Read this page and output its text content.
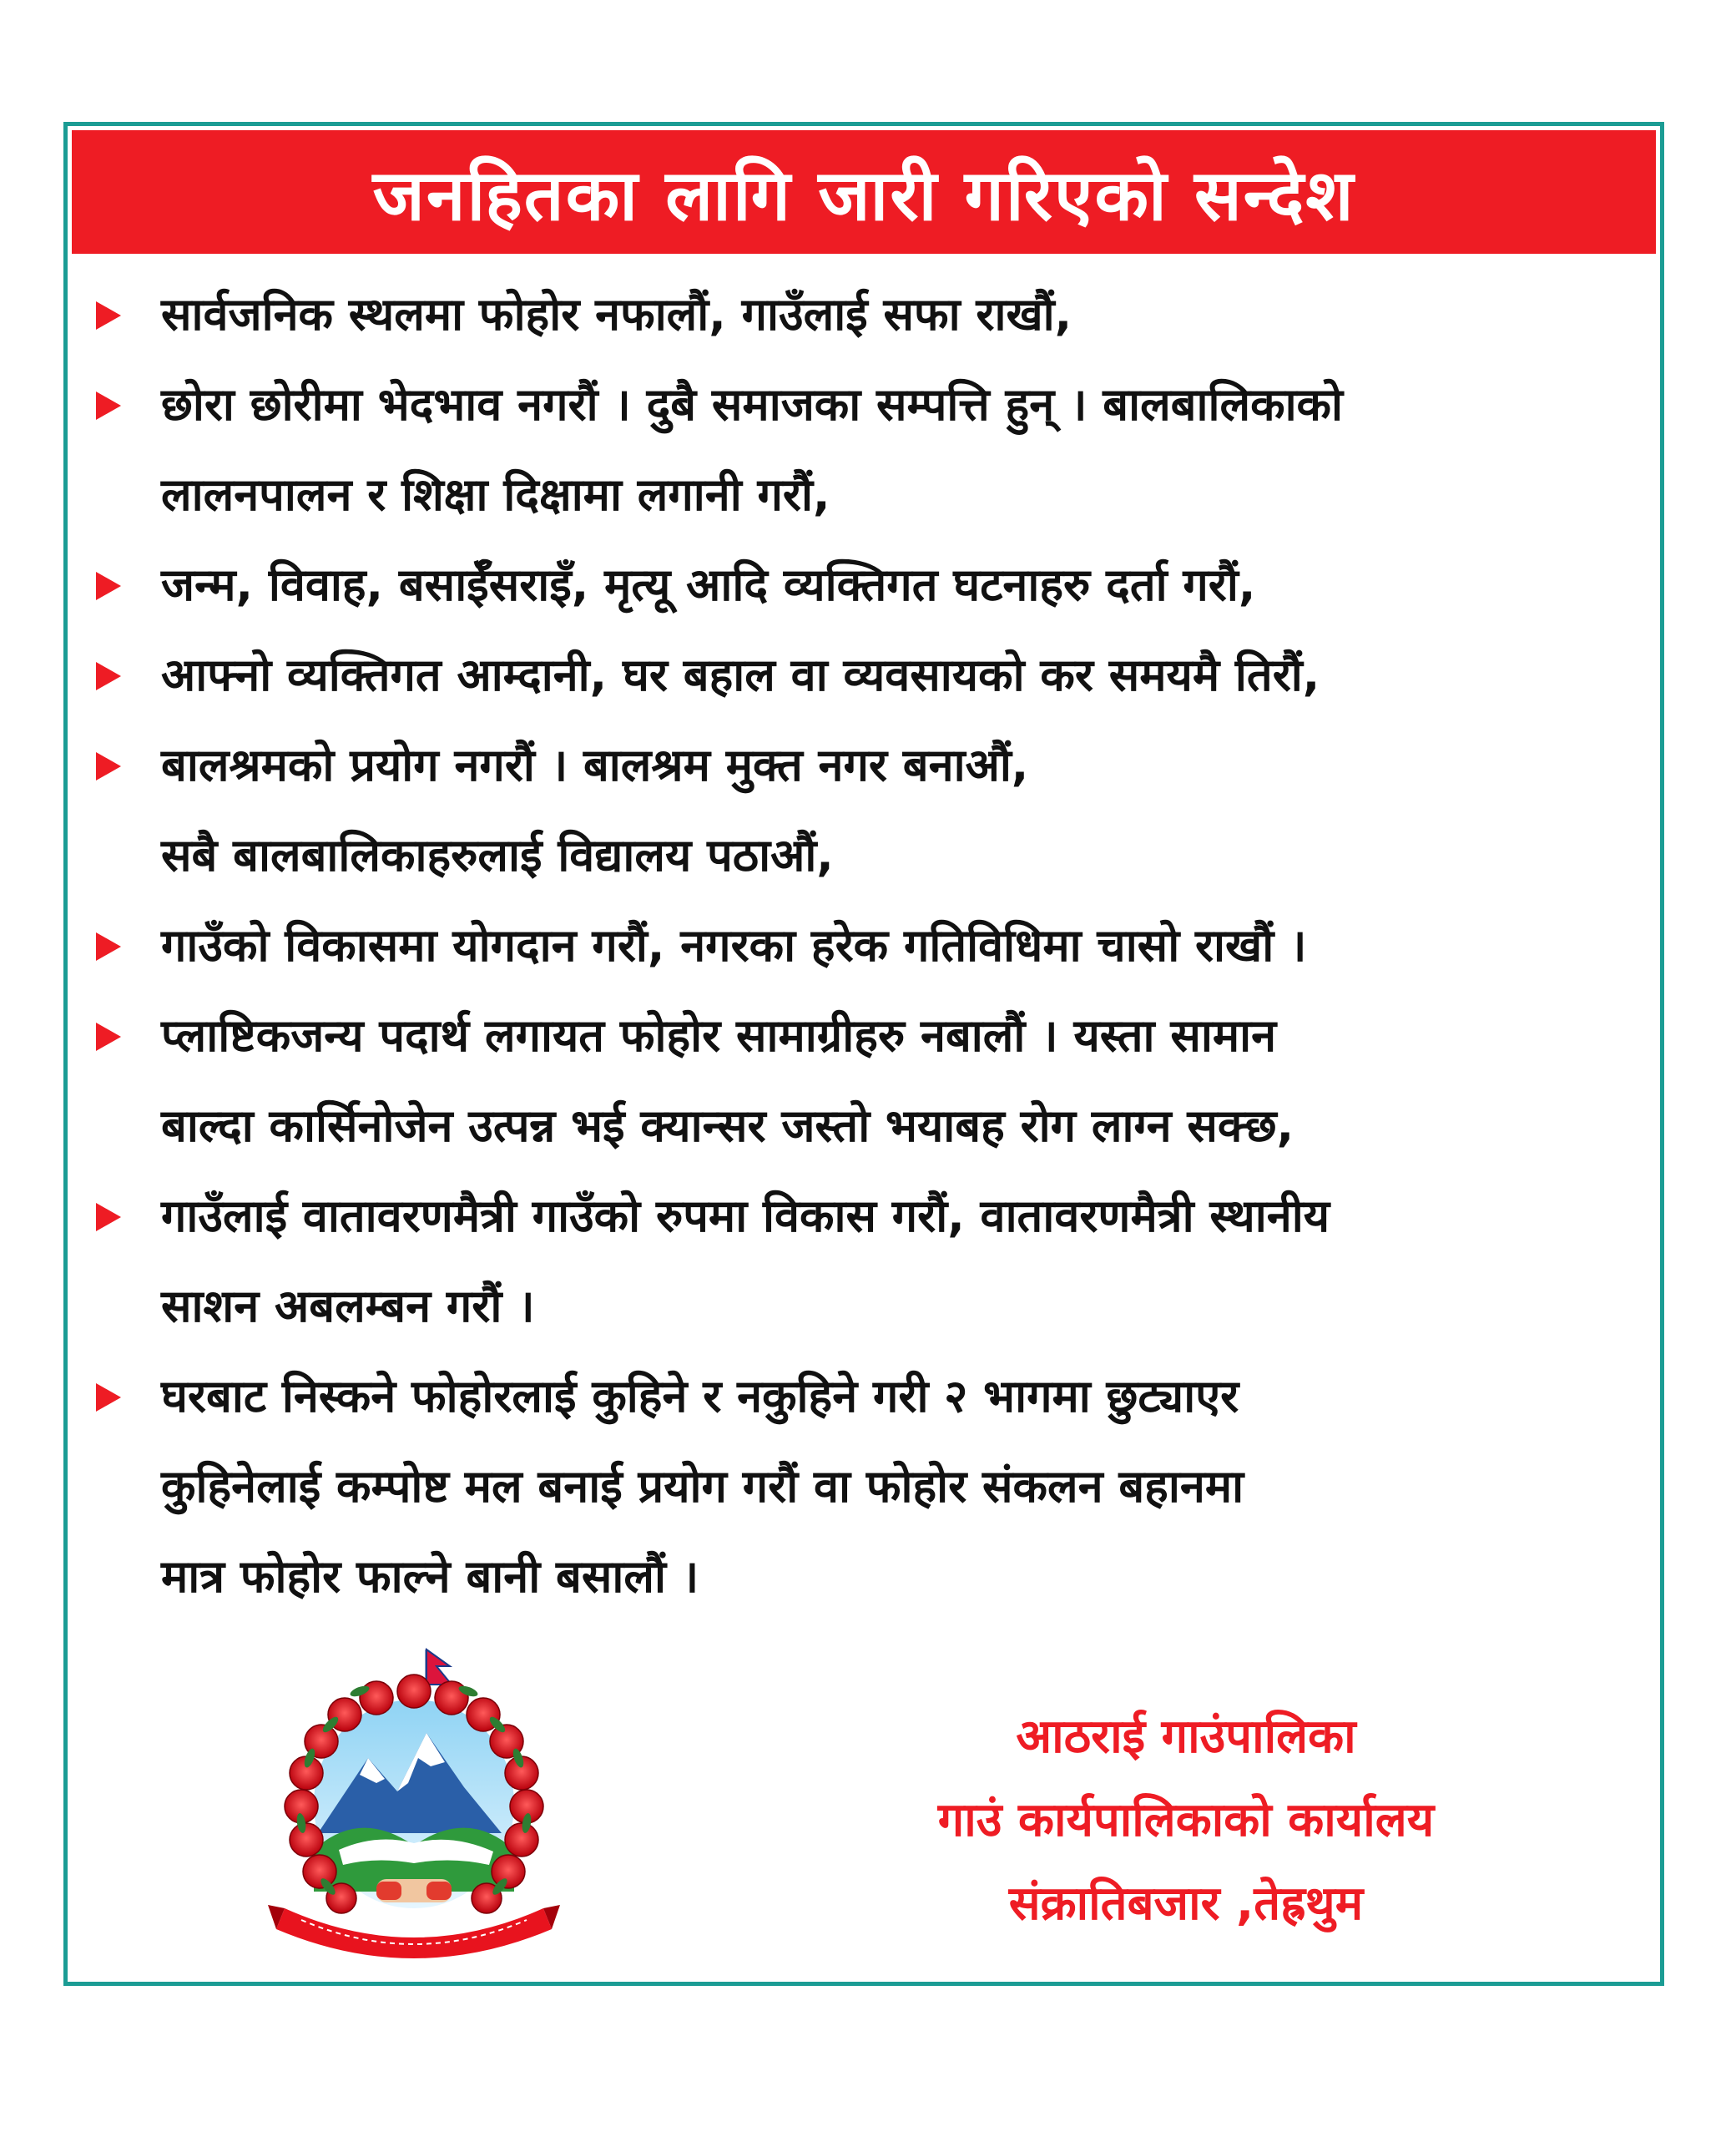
जनहितका लागि जारी गरिएको सन्देश
सार्वजनिक स्थलमा फोहोर नफालौं, गाउँलाई सफा राखौं,
छोरा छोरीमा भेदभाव नगरौं । दुबै समाजका सम्पत्ति हुन् । बालबालिकाको
लालनपालन र शिक्षा दिक्षामा लगानी गरौं,
जन्म, विवाह, बसाईँसराइँ, मृत्यू आदि व्यक्तिगत घटनाहरु दर्ता गरौं,
आफ्नो व्यक्तिगत आम्दानी, घर बहाल वा व्यवसायको कर समयमै तिरौं,
बालश्रमको प्रयोग नगरौं । बालश्रम मुक्त नगर बनाऔं,
सबै बालबालिकाहरुलाई विद्यालय पठाऔं,
गाउँको विकासमा योगदान गरौं, नगरका हरेक गतिविधिमा चासो राखौं ।
प्लाष्टिकजन्य पदार्थ लगायत फोहोर सामाग्रीहरु नबालौं । यस्ता सामान
बाल्दा कार्सिनोजेन उत्पन्न भई क्यान्सर जस्तो भयाबह रोग लाग्न सक्छ,
गाउँलाई वातावरणमैत्री गाउँको रुपमा विकास गरौं, वातावरणमैत्री स्थानीय
साशन अबलम्बन गरौं ।
घरबाट निस्कने फोहोरलाई कुहिने र नकुहिने गरी २ भागमा छुट्याएर
कुहिनेलाई कम्पोष्ट मल बनाई प्रयोग गरौं वा फोहोर संकलन बहानमा
मात्र फोहोर फाल्ने बानी बसालौं ।
आठराई गाउंपालिका
गाउं कार्यपालिकाको कार्यालय
संक्रातिबजार ,तेह्रथुम
